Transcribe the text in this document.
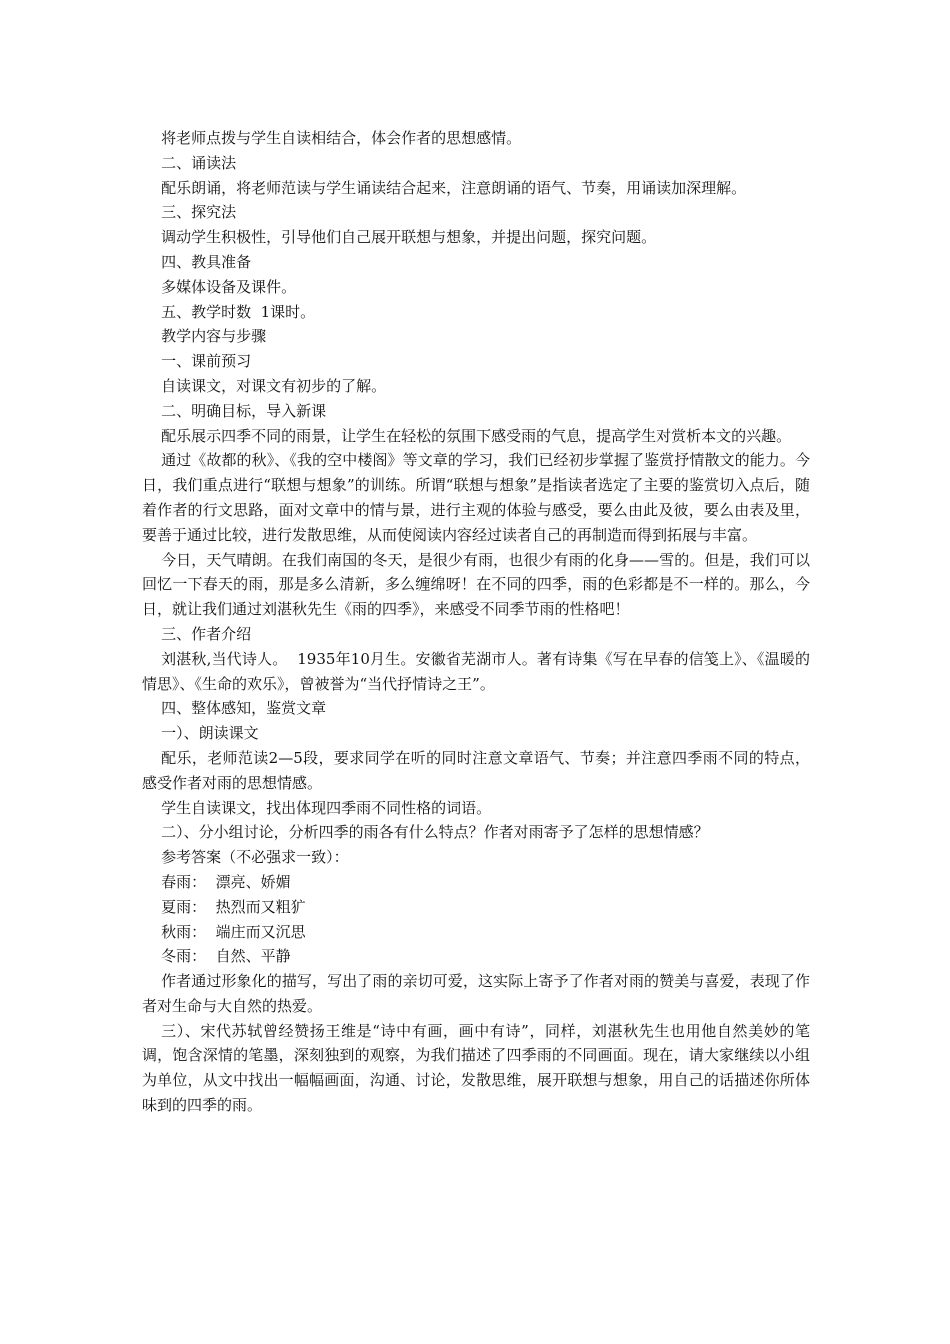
将老师点拨与学生自读相结合，体会作者的思想感情。

二、诵读法

配乐朗诵，将老师范读与学生诵读结合起来，注意朗诵的语气、节奏，用诵读加深理解。

三、探究法

调动学生积极性，引导他们自己展开联想与想象，并提出问题，探究问题。

四、教具准备

多媒体设备及课件。

五、教学时数  1课时。

教学内容与步骤

一、课前预习

自读课文，对课文有初步的了解。

二、明确目标，导入新课

配乐展示四季不同的雨景，让学生在轻松的氛围下感受雨的气息，提高学生对赏析本文的兴趣。

通过《故都的秋》、《我的空中楼阁》等文章的学习，我们已经初步掌握了鉴赏抒情散文的能力。今日，我们重点进行“联想与想象”的训练。所谓“联想与想象”是指读者选定了主要的鉴赏切入点后，随着作者的行文思路，面对文章中的情与景，进行主观的体验与感受，要么由此及彼，要么由表及里，要善于通过比较，进行发散思维，从而使阅读内容经过读者自己的再制造而得到拓展与丰富。

今日，天气晴朗。在我们南国的冬天，是很少有雨，也很少有雨的化身——雪的。但是，我们可以回忆一下春天的雨，那是多么清新，多么缠绵呀！在不同的四季，雨的色彩都是不一样的。那么，今日，就让我们通过刘湛秋先生《雨的四季》，来感受不同季节雨的性格吧！

三、作者介绍

刘湛秋,当代诗人。  1935年10月生。安徽省芜湖市人。著有诗集《写在早春的信笺上》、《温暖的情思》、《生命的欢乐》，曾被誉为“当代抒情诗之王”。

四、整体感知，鉴赏文章

一）、朗读课文

配乐，老师范读2—5段，要求同学在听的同时注意文章语气、节奏；并注意四季雨不同的特点，感受作者对雨的思想情感。

学生自读课文，找出体现四季雨不同性格的词语。

二）、分小组讨论，分析四季的雨各有什么特点？作者对雨寄予了怎样的思想情感？

参考答案（不必强求一致）：

春雨：  漂亮、娇媚

夏雨：  热烈而又粗犷

秋雨：  端庄而又沉思

冬雨：  自然、平静

作者通过形象化的描写，写出了雨的亲切可爱，这实际上寄予了作者对雨的赞美与喜爱，表现了作者对生命与大自然的热爱。

三）、宋代苏轼曾经赞扬王维是“诗中有画，画中有诗”，同样，刘湛秋先生也用他自然美妙的笔调，饱含深情的笔墨，深刻独到的观察，为我们描述了四季雨的不同画面。现在，请大家继续以小组为单位，从文中找出一幅幅画面，沟通、讨论，发散思维，展开联想与想象，用自己的话描述你所体味到的四季的雨。
